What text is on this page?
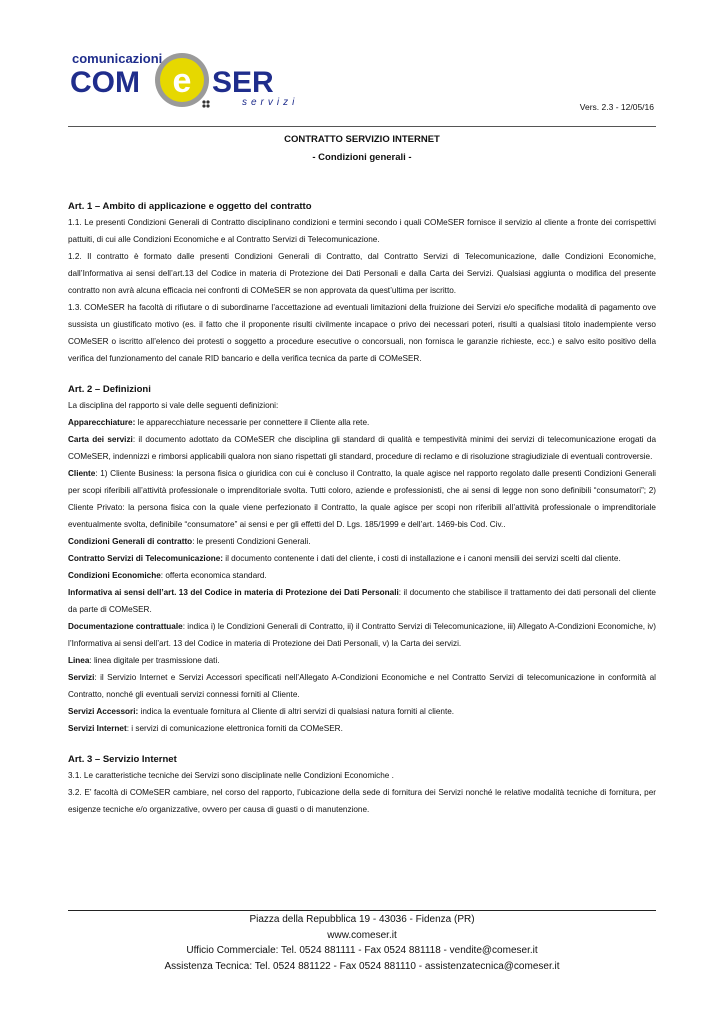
comunicazioni
COM e SER
servizi	Vers. 2.3 - 12/05/16
CONTRATTO SERVIZIO INTERNET
- Condizioni generali -
Art. 1 – Ambito di applicazione e oggetto del contratto

1.1. Le presenti Condizioni Generali di Contratto disciplinano condizioni e termini secondo i quali COMeSER fornisce il servizio al cliente a fronte dei corrispettivi pattuiti, di cui alle Condizioni Economiche e al Contratto Servizi di Telecomunicazione.

1.2. Il contratto è formato dalle presenti Condizioni Generali di Contratto, dal Contratto Servizi di Telecomunicazione, dalle Condizioni Economiche, dall’Informativa ai sensi dell’art.13 del Codice in materia di Protezione dei Dati Personali e dalla Carta dei Servizi. Qualsiasi aggiunta o modifica del presente contratto non avrà alcuna efficacia nei confronti di COMeSER se non approvata da quest’ultima per iscritto.

1.3. COMeSER ha facoltà di rifiutare o di subordinarne l’accettazione ad eventuali limitazioni della fruizione dei Servizi e/o specifiche modalità di pagamento ove sussista un giustificato motivo (es. il fatto che il proponente risulti civilmente incapace o privo dei necessari poteri, risulti a qualsiasi titolo inadempiente verso COMeSER o iscritto all’elenco dei protesti o soggetto a procedure esecutive o concorsuali, non fornisca le garanzie richieste, ecc.) e salvo esito positivo della verifica del funzionamento del canale RID bancario e della verifica tecnica da parte di COMeSER.

Art. 2 – Definizioni

La disciplina del rapporto si vale delle seguenti definizioni:

Apparecchiature: le apparecchiature necessarie per connettere il Cliente alla rete.

Carta dei servizi: il documento adottato da COMeSER che disciplina gli standard di qualità e tempestività minimi dei servizi di telecomunicazione erogati da COMeSER, indennizzi e rimborsi applicabili qualora non siano rispettati gli standard, procedure di reclamo e di risoluzione stragiudiziale di eventuali controversie.

Cliente: 1) Cliente Business: la persona fisica o giuridica con cui è concluso il Contratto, la quale agisce nel rapporto regolato dalle presenti Condizioni Generali per scopi riferibili all’attività professionale o imprenditoriale svolta. Tutti coloro, aziende e professionisti, che ai sensi di legge non sono definibili “consumatori”; 2) Cliente Privato: la persona fisica con la quale viene perfezionato il Contratto, la quale agisce per scopi non riferibili all’attività professionale o imprenditoriale eventualmente svolta, definibile “consumatore” ai sensi e per gli effetti del D. Lgs. 185/1999 e dell’art. 1469-bis Cod. Civ..

Condizioni Generali di contratto: le presenti Condizioni Generali.

Contratto Servizi di Telecomunicazione: il documento contenente i dati del cliente, i costi di installazione e i canoni mensili dei servizi scelti dal cliente.

Condizioni Economiche: offerta economica standard.

Informativa ai sensi dell’art. 13 del Codice in materia di Protezione dei Dati Personali: il documento che stabilisce il trattamento dei dati personali del cliente da parte di COMeSER.

Documentazione contrattuale: indica i) le Condizioni Generali di Contratto, ii) il Contratto Servizi di Telecomunicazione, iii) Allegato A-Condizioni Economiche, iv) l’Informativa ai sensi dell’art. 13 del Codice in materia di Protezione dei Dati Personali, v) la Carta dei servizi.

Linea: linea digitale per trasmissione dati.

Servizi: il Servizio Internet e Servizi Accessori specificati nell’Allegato A-Condizioni Economiche e nel Contratto Servizi di telecomunicazione in conformità al Contratto, nonché gli eventuali servizi connessi forniti al Cliente.

Servizi Accessori: indica la eventuale fornitura al Cliente di altri servizi di qualsiasi natura forniti al cliente.

Servizi Internet: i servizi di comunicazione elettronica forniti da COMeSER.

Art. 3 – Servizio Internet

3.1. Le caratteristiche tecniche dei Servizi sono disciplinate nelle Condizioni Economiche .

3.2. E’ facoltà di COMeSER cambiare, nel corso del rapporto, l’ubicazione della sede di fornitura dei Servizi nonché le relative modalità tecniche di fornitura, per esigenze tecniche e/o organizzative, ovvero per causa di guasti o di manutenzione.

Piazza della Repubblica 19 - 43036 - Fidenza (PR)
www.comeser.it
Ufficio Commerciale: Tel. 0524 881111 - Fax 0524 881118 - vendite@comeser.it
Assistenza Tecnica: Tel. 0524 881122 - Fax 0524 881110 - assistenzatecnica@comeser.it
